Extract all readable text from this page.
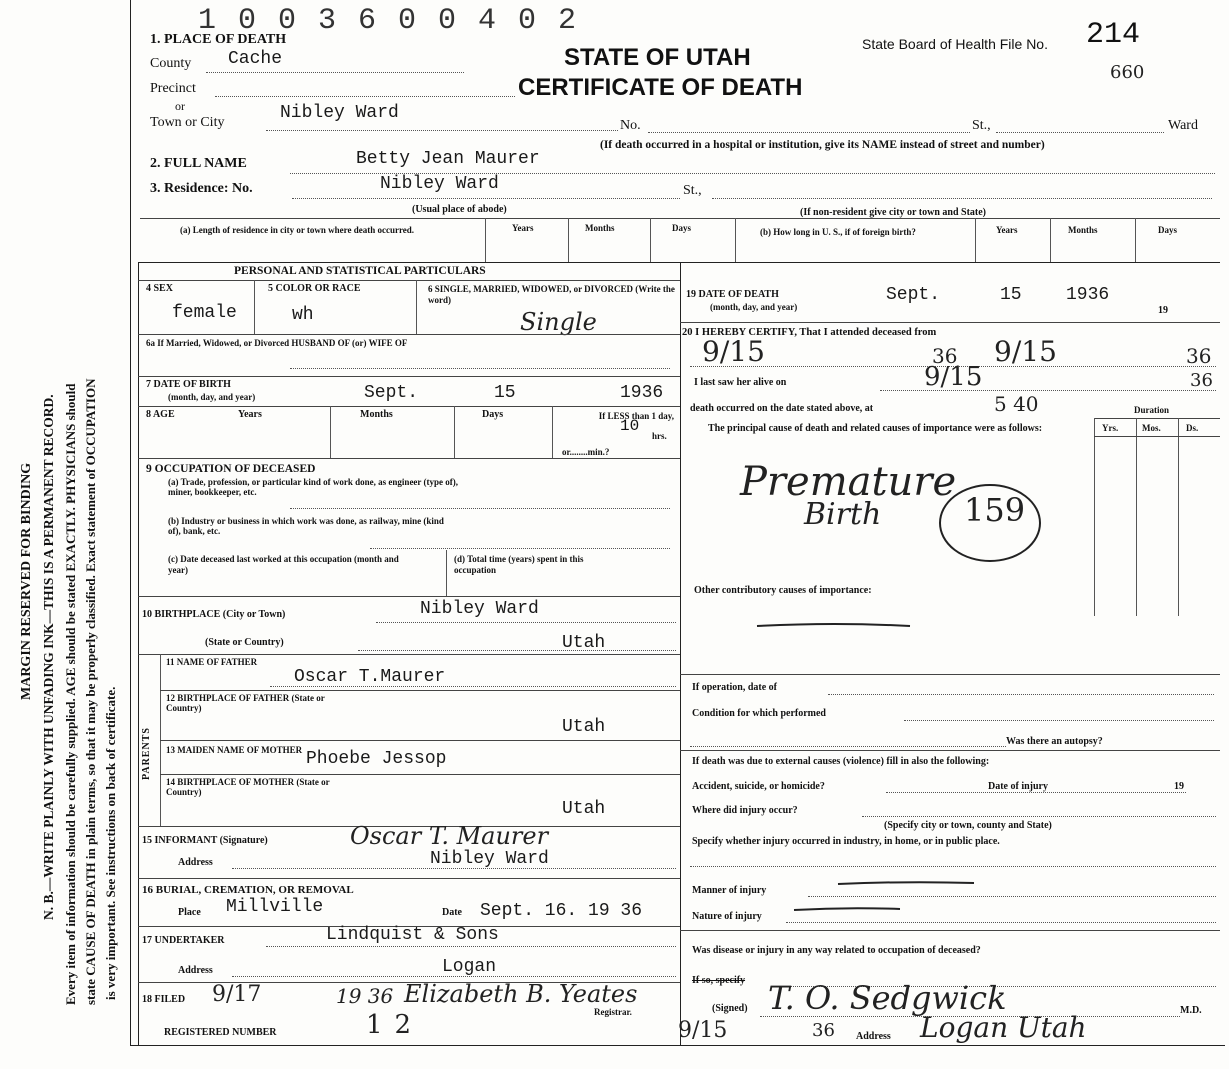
MARGIN RESERVED FOR BINDING N. B.—WRITE PLAINLY WITH UNFADING INK—THIS IS A PERMANENT RECORD. Every item of information should be carefully supplied. AGE should be stated EXACTLY. PHYSICIANS should state CAUSE OF DEATH in plain terms, so that it may be properly classified. Exact statement of OCCUPATION is very important. See instructions on back of certificate.
1 0 0 3 6 0 0 4 0 2
STATE OF UTAH
CERTIFICATE OF DEATH
State Board of Health File No. 214
660
1. PLACE OF DEATH
County Cache
Precinct
or
Town or City	Nibley Ward
No.	St.,	Ward
(If death occurred in a hospital or institution, give its NAME instead of street and number)
2. FULL NAME	Betty Jean Maurer
3. Residence: No.	Nibley Ward	St.,
(Usual place of abode)	(If non-resident give city or town and State)
(a) Length of residence in city or town where death occurred.	Years	Months	Days	(b) How long in U. S., if of foreign birth?	Years	Months	Days
PERSONAL AND STATISTICAL PARTICULARS
4 SEX
female
5 COLOR OR RACE
wh
6 SINGLE, MARRIED, WIDOWED, or DIVORCED (Write the word)
Single
6a If Married, Widowed, or Divorced HUSBAND OF (or) WIFE OF
7 DATE OF BIRTH
(month, day, and year)	Sept.	15	1936
8 AGE	Years	Months	Days	If LESS than 1 day,
10
hrs.
or........min.?
9 OCCUPATION OF DECEASED
(a) Trade, profession, or particular kind of work done, as engineer (type of), miner, bookkeeper, etc.
(b) Industry or business in which work was done, as railway, mine (kind of), bank, etc.
(c) Date deceased last worked at this occupation (month and year)
(d) Total time (years) spent in this occupation
10 BIRTHPLACE (City or Town)	Nibley Ward
(State or Country)	Utah
PARENTS
11 NAME OF FATHER
Oscar T.Maurer
12 BIRTHPLACE OF FATHER (State or Country)
Utah
13 MAIDEN NAME OF MOTHER Phoebe Jessop
14 BIRTHPLACE OF MOTHER (State or Country)
Utah
15 INFORMANT (Signature)	Oscar T. Maurer
Address	Nibley Ward
16 BURIAL, CREMATION, OR REMOVAL
Place Millville	Date Sept. 16. 19 36
17 UNDERTAKER	Lindquist & Sons
Address	Logan
18 FILED 9/17	19 36 Elizabeth B. Yeates
Registrar.
REGISTERED NUMBER	12
19 DATE OF DEATH
(month, day, and year)
Sept.	15 1936
19
20 I HEREBY CERTIFY, That I attended deceased from
9/15	36 9/15	36
I last saw her alive on	9/15	36
death occurred on the date stated above, at	5 40	Duration
The principal cause of death and related causes of importance were as follows:	Yrs.	Mos.	Ds.
Premature
Birth	159
Other contributory causes of importance:
If operation, date of
Condition for which performed
Was there an autopsy?
If death was due to external causes (violence) fill in also the following:
Accident, suicide, or homicide?	Date of injury	19
Where did injury occur?
(Specify city or town, county and State)
Specify whether injury occurred in industry, in home, or in public place.
Manner of injury
Nature of injury
Was disease or injury in any way related to occupation of deceased?
If so, specify
(Signed) T. O. Sedgwick	M.D.
9/15	36 Address Logan Utah
